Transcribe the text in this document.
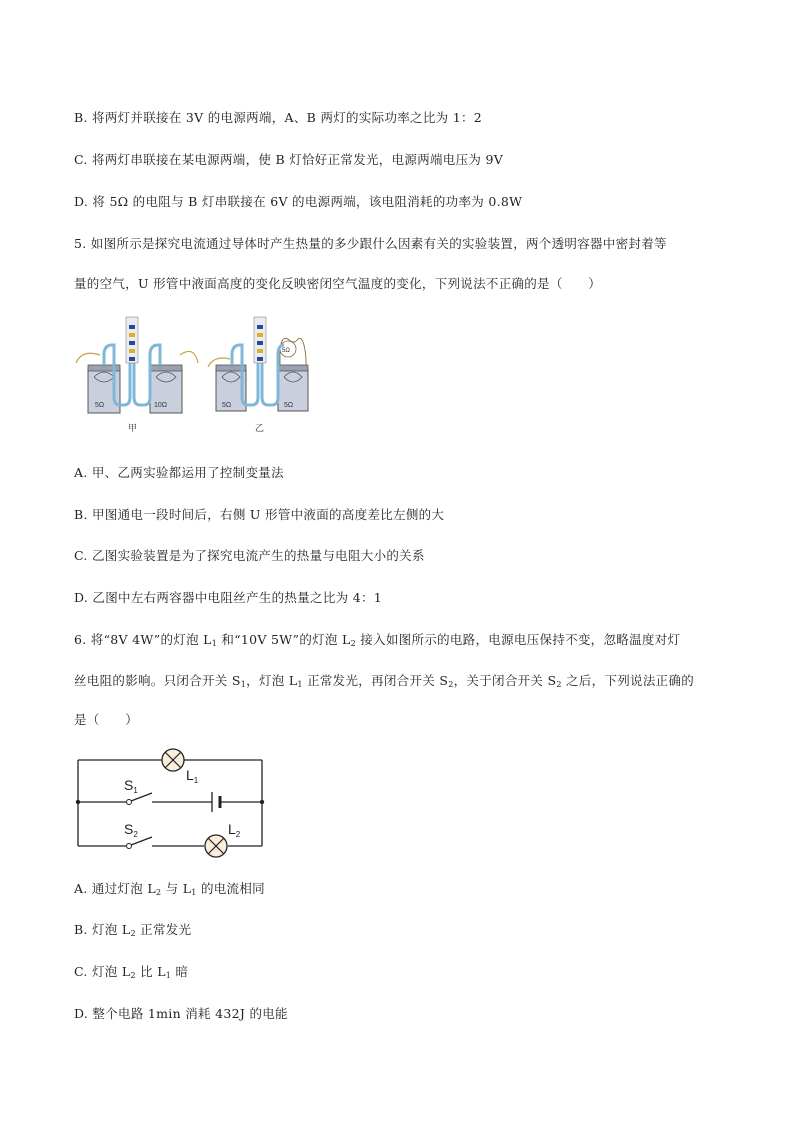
B. 将两灯并联接在 3V 的电源两端，A、B 两灯的实际功率之比为 1：2
C. 将两灯串联接在某电源两端，使 B 灯恰好正常发光，电源两端电压为 9V
D. 将 5Ω 的电阻与 B 灯串联接在 6V 的电源两端，该电阻消耗的功率为 0.8W
5. 如图所示是探究电流通过导体时产生热量的多少跟什么因素有关的实验装置，两个透明容器中密封着等
量的空气，U 形管中液面高度的变化反映密闭空气温度的变化，下列说法不正确的是（　　）
5Ω	10Ω
甲
5Ω	5Ω
5Ω
乙
A. 甲、乙两实验都运用了控制变量法
B. 甲图通电一段时间后，右侧 U 形管中液面的高度差比左侧的大
C. 乙图实验装置是为了探究电流产生的热量与电阻大小的关系
D. 乙图中左右两容器中电阻丝产生的热量之比为 4：1
6. 将“8V 4W”的灯泡 $L_1$ 和“10V 5W”的灯泡 $L_2$ 接入如图所示的电路，电源电压保持不变，忽略温度对灯
丝电阻的影响。只闭合开关 $S_1$，灯泡 $L_1$ 正常发光，再闭合开关 $S_2$，关于闭合开关 $S_2$ 之后，下列说法正确的
是（　　）
$L_1$
$S_1$
$S_2$	$L_2$
A. 通过灯泡 $L_2$ 与 $L_1$ 的电流相同
B. 灯泡 $L_2$ 正常发光
C. 灯泡 $L_2$ 比 $L_1$ 暗
D. 整个电路 1min 消耗 432J 的电能
